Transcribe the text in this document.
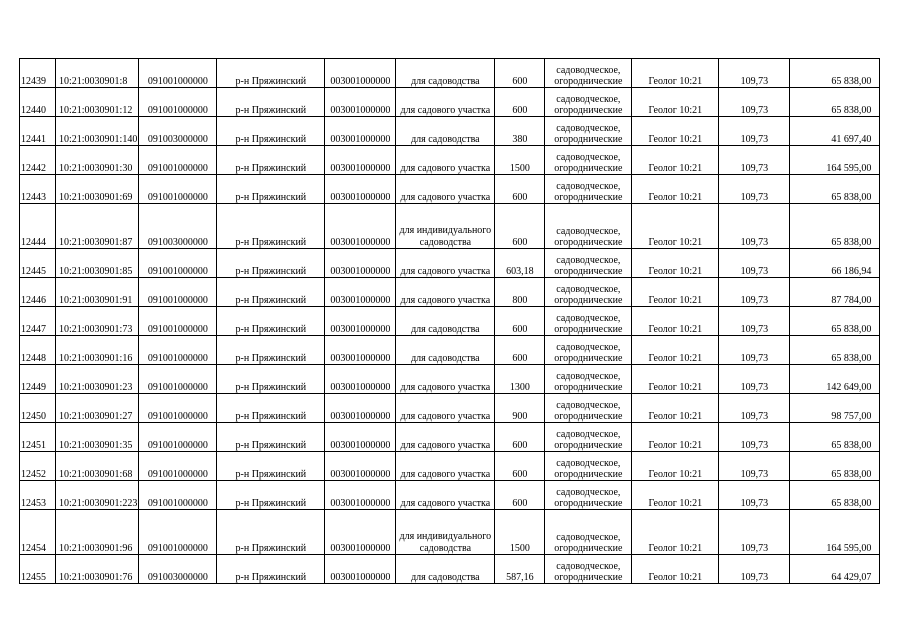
12439	10:21:0030901:8	091001000000	р-н Пряжинский	003001000000	для садоводства	600	садоводческое, огороднические	Геолог 10:21	109,73	65 838,00
12440	10:21:0030901:12	091001000000	р-н Пряжинский	003001000000	для садового участка	600	садоводческое, огороднические	Геолог 10:21	109,73	65 838,00
12441	10:21:0030901:140	091003000000	р-н Пряжинский	003001000000	для садоводства	380	садоводческое, огороднические	Геолог 10:21	109,73	41 697,40
12442	10:21:0030901:30	091001000000	р-н Пряжинский	003001000000	для садового участка	1500	садоводческое, огороднические	Геолог 10:21	109,73	164 595,00
12443	10:21:0030901:69	091001000000	р-н Пряжинский	003001000000	для садового участка	600	садоводческое, огороднические	Геолог 10:21	109,73	65 838,00
12444	10:21:0030901:87	091003000000	р-н Пряжинский	003001000000	для индивидуального садоводства	600	садоводческое, огороднические	Геолог 10:21	109,73	65 838,00
12445	10:21:0030901:85	091001000000	р-н Пряжинский	003001000000	для садового участка	603,18	садоводческое, огороднические	Геолог 10:21	109,73	66 186,94
12446	10:21:0030901:91	091001000000	р-н Пряжинский	003001000000	для садового участка	800	садоводческое, огороднические	Геолог 10:21	109,73	87 784,00
12447	10:21:0030901:73	091001000000	р-н Пряжинский	003001000000	для садоводства	600	садоводческое, огороднические	Геолог 10:21	109,73	65 838,00
12448	10:21:0030901:16	091001000000	р-н Пряжинский	003001000000	для садоводства	600	садоводческое, огороднические	Геолог 10:21	109,73	65 838,00
12449	10:21:0030901:23	091001000000	р-н Пряжинский	003001000000	для садового участка	1300	садоводческое, огороднические	Геолог 10:21	109,73	142 649,00
12450	10:21:0030901:27	091001000000	р-н Пряжинский	003001000000	для садового участка	900	садоводческое, огороднические	Геолог 10:21	109,73	98 757,00
12451	10:21:0030901:35	091001000000	р-н Пряжинский	003001000000	для садового участка	600	садоводческое, огороднические	Геолог 10:21	109,73	65 838,00
12452	10:21:0030901:68	091001000000	р-н Пряжинский	003001000000	для садового участка	600	садоводческое, огороднические	Геолог 10:21	109,73	65 838,00
12453	10:21:0030901:223	091001000000	р-н Пряжинский	003001000000	для садового участка	600	садоводческое, огороднические	Геолог 10:21	109,73	65 838,00
12454	10:21:0030901:96	091001000000	р-н Пряжинский	003001000000	для индивидуального садоводства	1500	садоводческое, огороднические	Геолог 10:21	109,73	164 595,00
12455	10:21:0030901:76	091003000000	р-н Пряжинский	003001000000	для садоводства	587,16	садоводческое, огороднические	Геолог 10:21	109,73	64 429,07
